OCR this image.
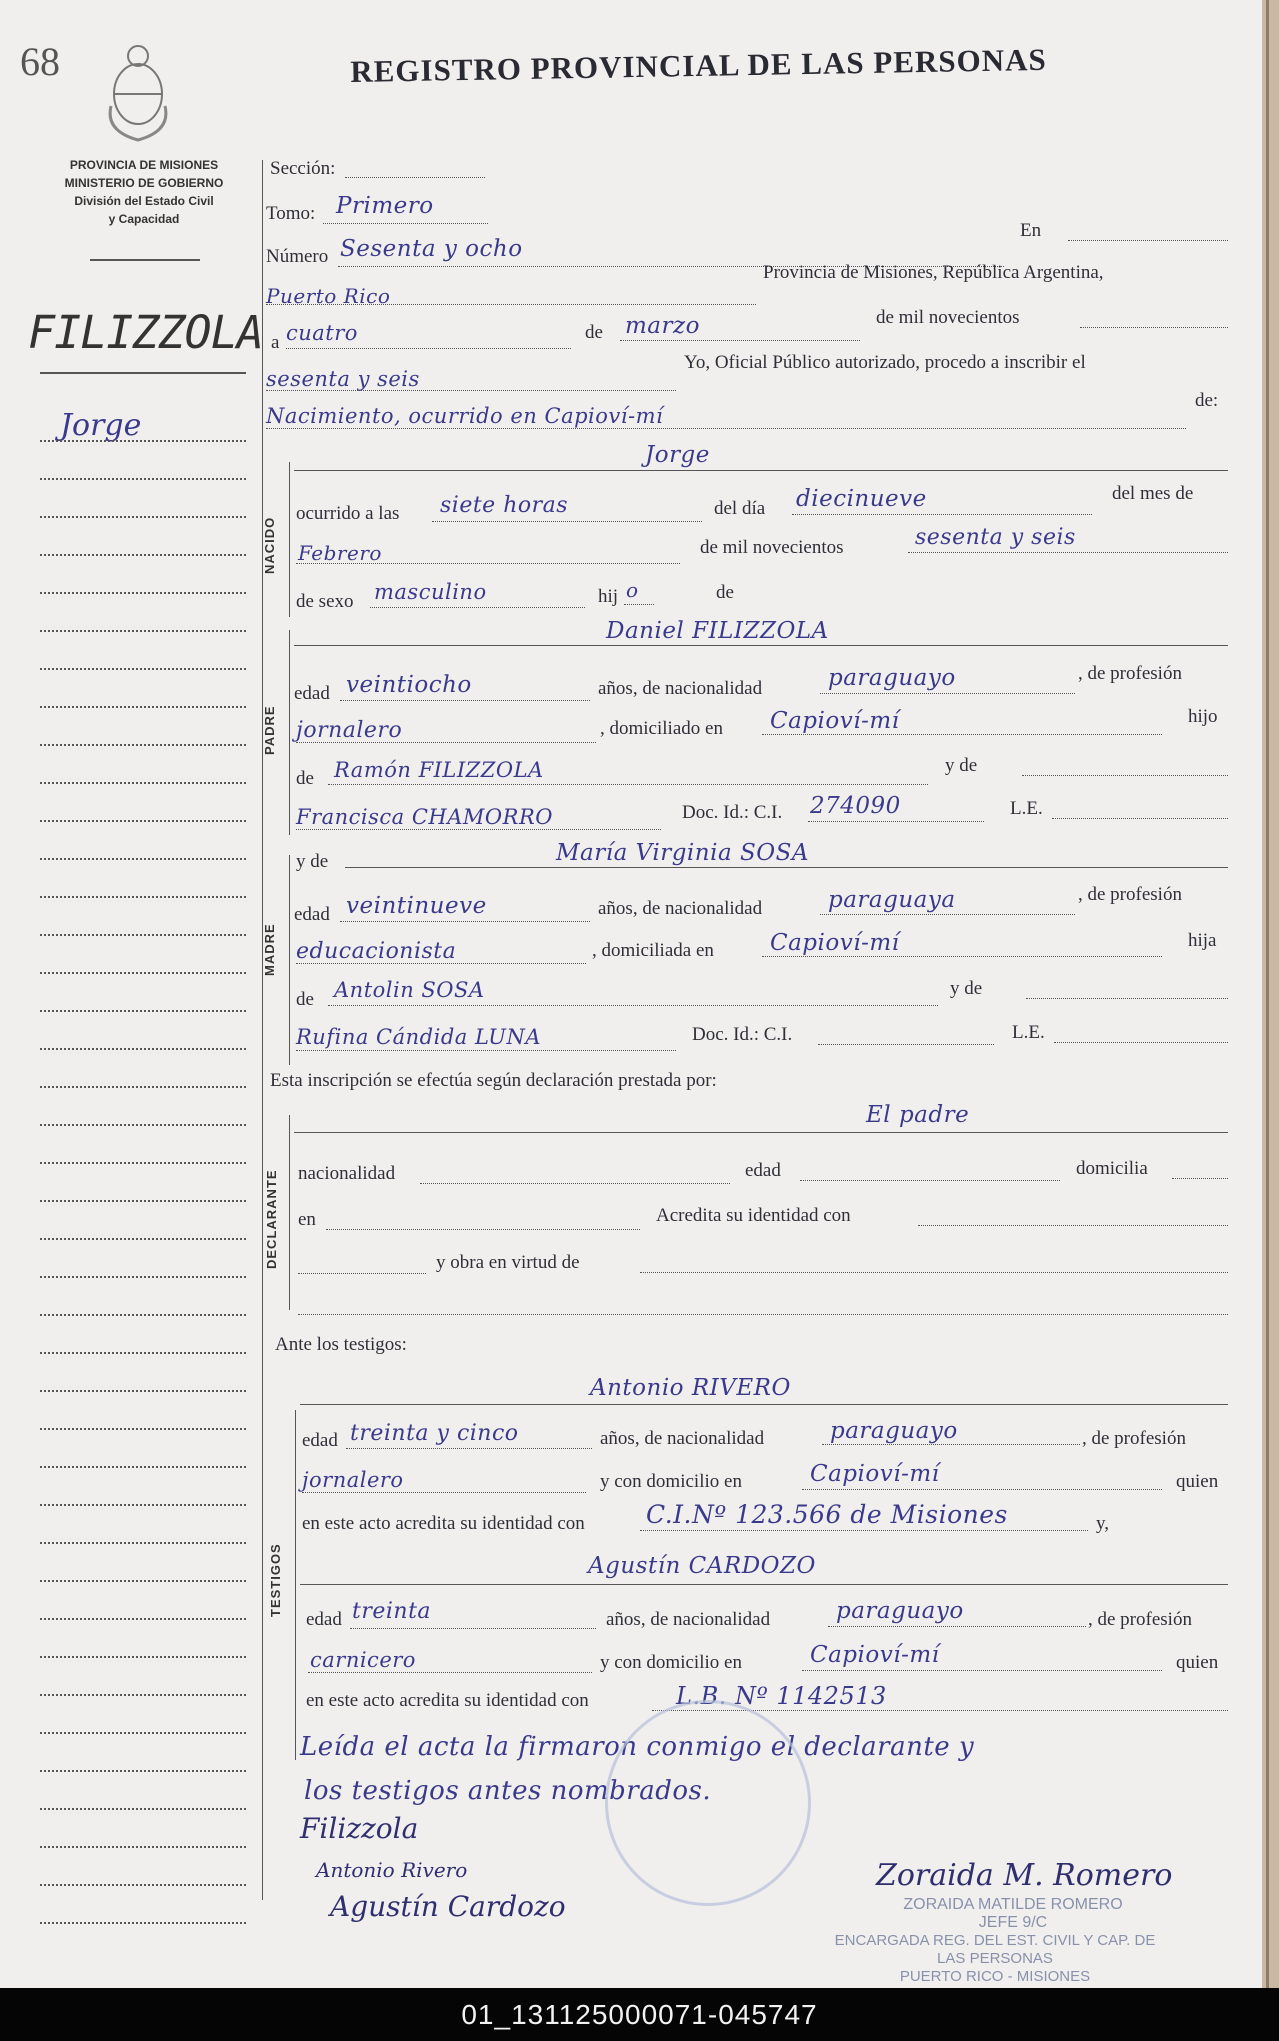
68	REGISTRO PROVINCIAL DE LAS PERSONAS
PROVINCIA DE MISIONES
MINISTERIO DE GOBIERNO
División del Estado Civil
y Capacidad
FILIZZOLA
Jorge
Sección:
Tomo: Primero
Número Sesenta y ocho
En
Puerto Rico
Provincia de Misiones, República Argentina,
a cuatro	de marzo	de mil novecientos
sesenta y seis
Yo, Oficial Público autorizado, procedo a inscribir el
Nacimiento, ocurrido en Capioví-mí
de:
NACIDO
Jorge
ocurrido a las siete horas	del día diecinueve	del mes de
Febrero	de mil novecientos	sesenta y seis
de sexo masculino	hij o	de
PADRE
Daniel FILIZZOLA
edad veintiocho	años, de nacionalidad	paraguayo	, de profesión
jornalero	, domiciliado en Capioví-mí	hijo
de Ramón FILIZZOLA	y de
Francisca CHAMORRO	Doc. Id.: C.I. 274090	L.E.
MADRE
y de	María Virginia SOSA
edad veintinueve	años, de nacionalidad	paraguaya	, de profesión
educacionista	, domiciliada en Capioví-mí	hija
de Antolin SOSA	y de
Rufina Cándida LUNA	Doc. Id.: C.I.	L.E.
Esta inscripción se efectúa según declaración prestada por:
DECLARANTE
El padre
nacionalidad	edad	domicilia
en	Acredita su identidad con
y obra en virtud de
Ante los testigos:
TESTIGOS
Antonio RIVERO
edad treinta y cinco	años, de nacionalidad	paraguayo	, de profesión
jornalero	y con domicilio en	Capioví-mí	quien
en este acto acredita su identidad con C.I.Nº 123.566 de Misiones	y,
Agustín CARDOZO
edad treinta	años, de nacionalidad	paraguayo	, de profesión
carnicero	y con domicilio en	Capioví-mí	quien
en este acto acredita su identidad con	L.B. Nº 1142513
Leída el acta la firmaron conmigo el declarante y
los testigos antes nombrados.
Filizzola
Antonio Rivero
Agustín Cardozo
Zoraida M. Romero
ZORAIDA MATILDE ROMERO
JEFE 9/C
ENCARGADA REG. DEL EST. CIVIL Y CAP. DE LAS PERSONAS
PUERTO RICO - MISIONES
01_131125000071-045747
